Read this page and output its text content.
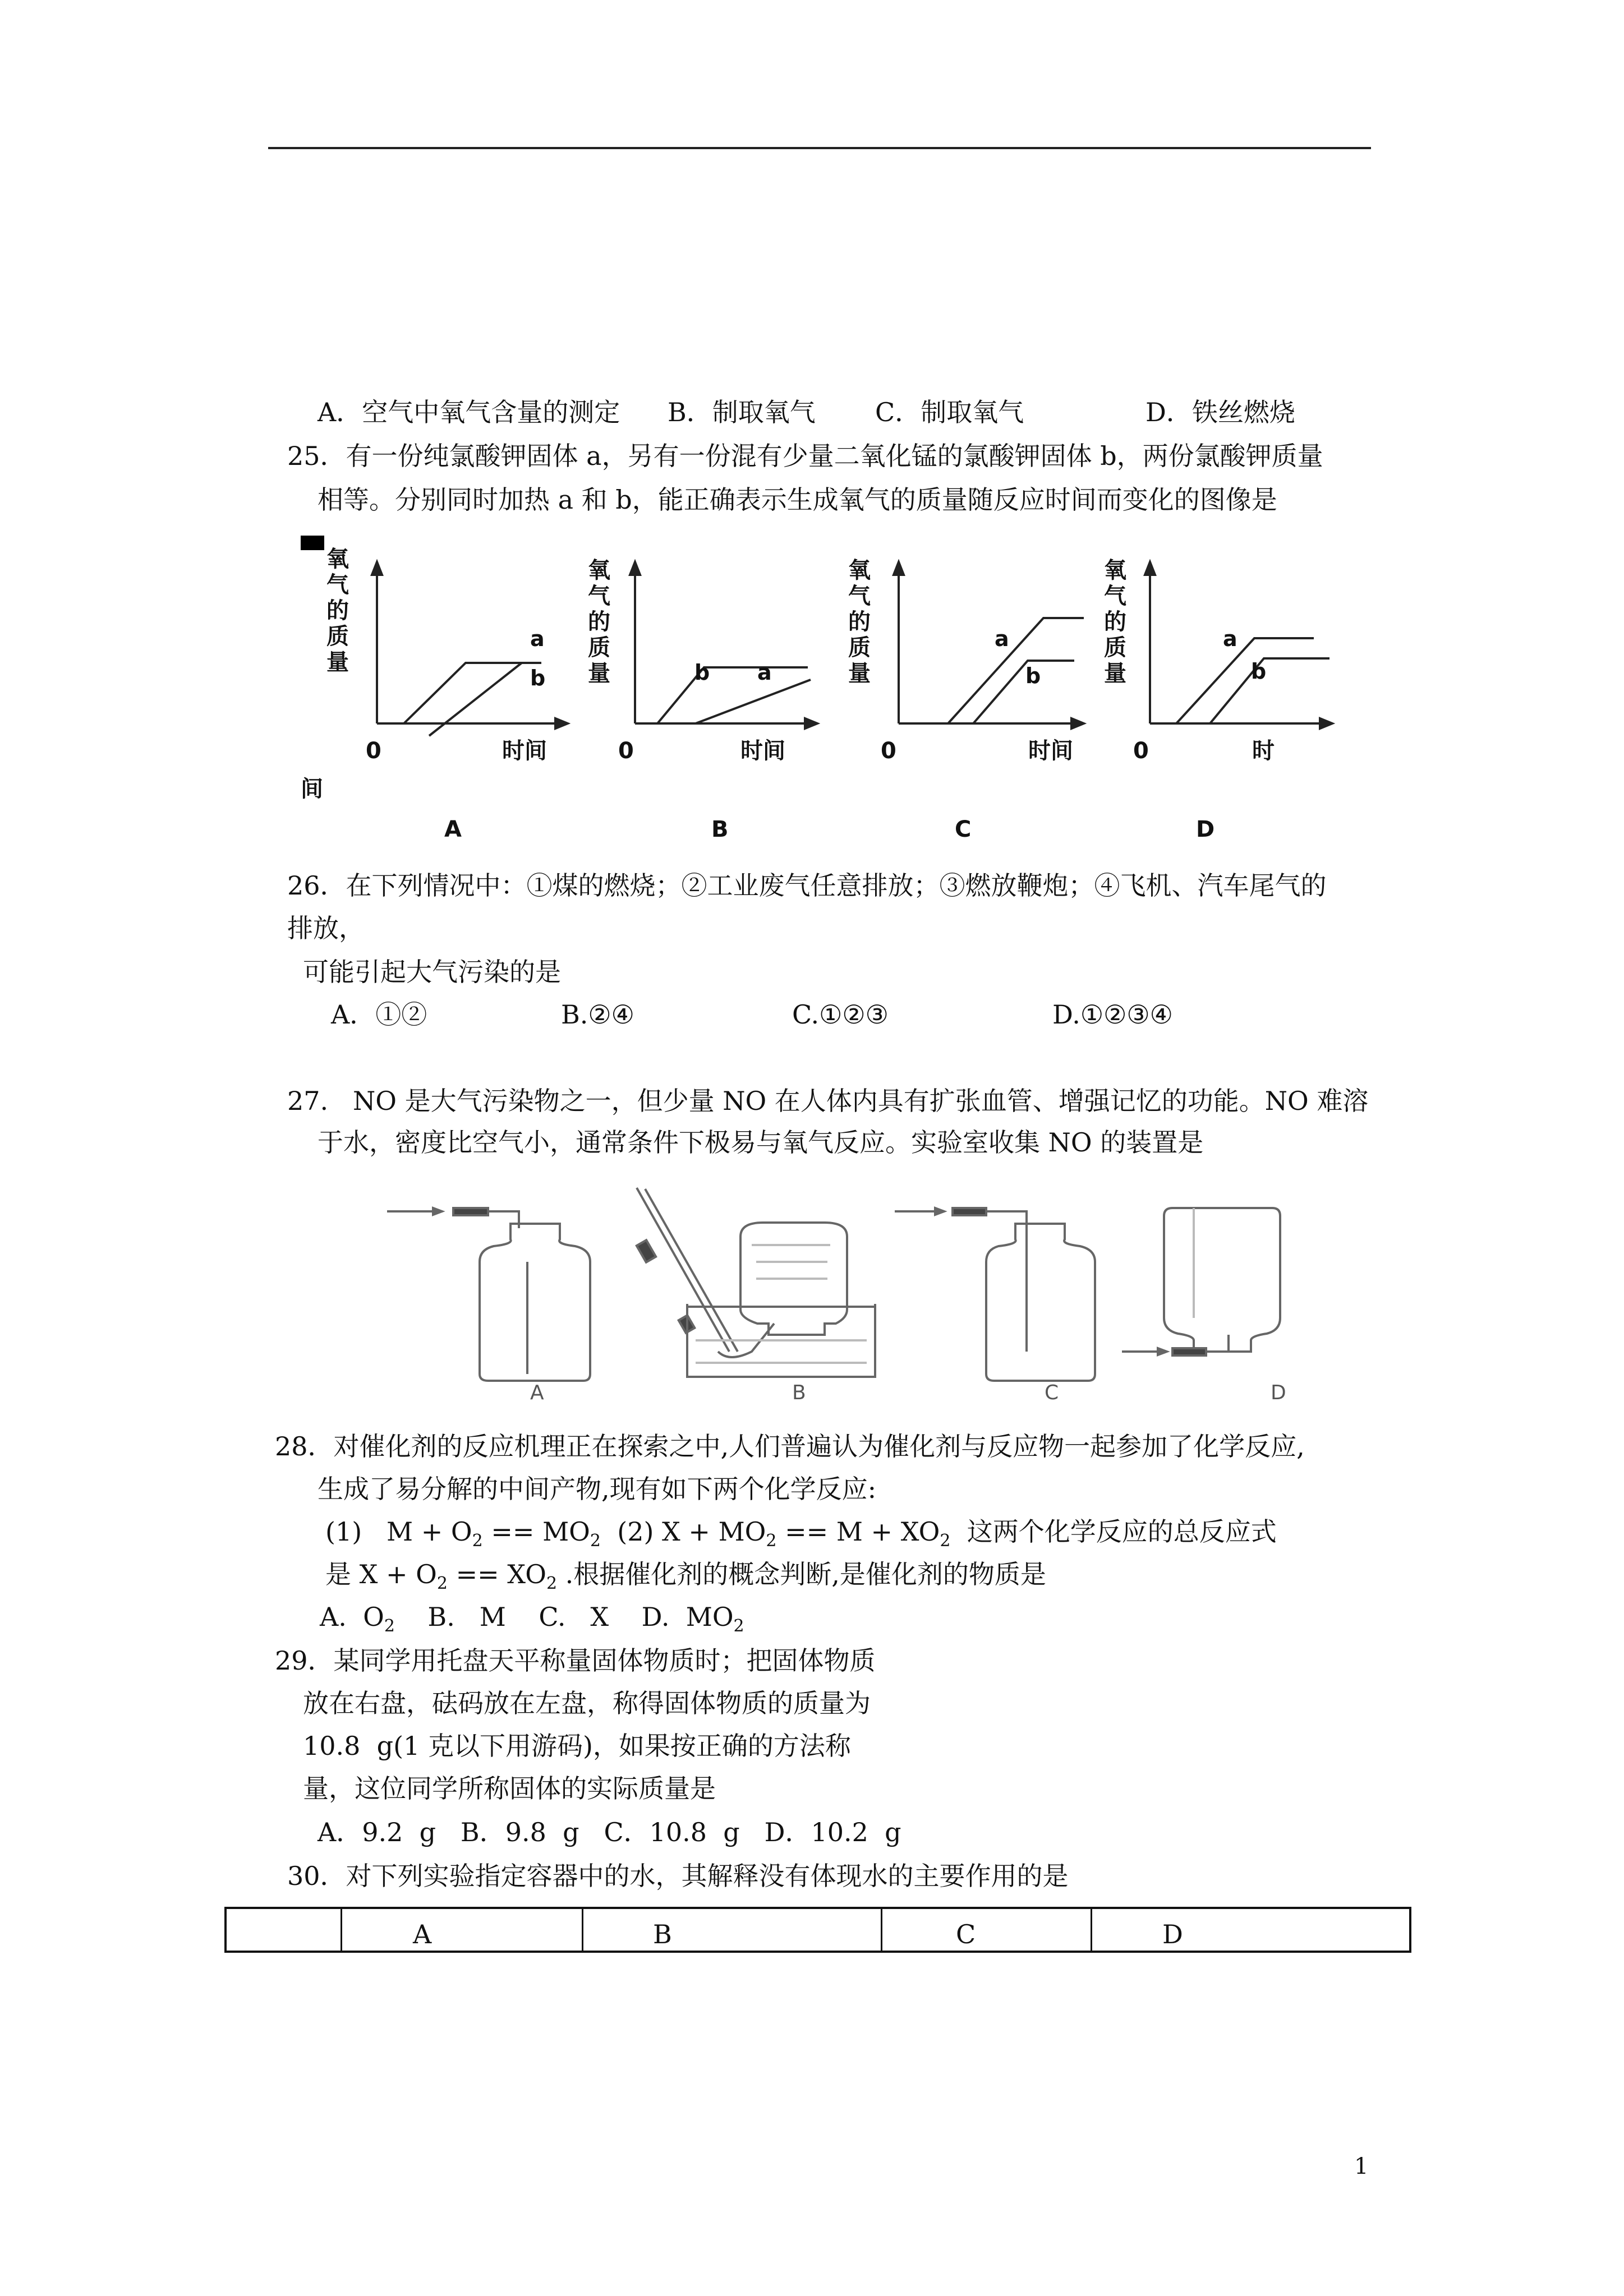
A．空气中氧气含量的测定 B．制取氧气 C．制取氧气	D．铁丝燃烧
25．有一份纯氯酸钾固体 a，另有一份混有少量二氧化锰的氯酸钾固体 b，两份氯酸钾质量
相等。分别同时加热 a 和 b，能正确表示生成氧气的质量随反应时间而变化的图像是
氧
气
的
质
量
氧
气
的
质
量
氧
气
的
质
量
氧
气
的
质
量
0	0	0	0
时间	时间	时间	时
间
a
b	b a
a
b
a
b
A	B	C	D
26．在下列情况中：①煤的燃烧；②工业废气任意排放；③燃放鞭炮；④飞机、汽车尾气的
排放，
可能引起大气污染的是
A．①②	B.②④	C.①②③	D.①②③④
27.   NO 是大气污染物之一，但少量 NO 在人体内具有扩张血管、增强记忆的功能。NO 难溶
于水，密度比空气小，通常条件下极易与氧气反应。实验室收集 NO 的装置是
A	B	C	D
28．对催化剂的反应机理正在探索之中,人们普遍认为催化剂与反应物一起参加了化学反应,
生成了易分解的中间产物,现有如下两个化学反应:
(1) $M + O_2 == MO_2$ (2) $X + MO_2 == M + XO_2$ 这两个化学反应的总反应式
是 $X + O_2 == XO_2$ .根据催化剂的概念判断,是催化剂的物质是
A. $O_2$ B.   M C.   X D. $MO_2$
29．某同学用托盘天平称量固体物质时；把固体物质
放在右盘，砝码放在左盘，称得固体物质的质量为
10.8  g(1 克以下用游码)，如果按正确的方法称
量，这位同学所称固体的实际质量是
A．9.2  g   B．9.8  g   C．10.8  g   D．10.2  g
30．对下列实验指定容器中的水，其解释没有体现水的主要作用的是
A	B	C	D
1
